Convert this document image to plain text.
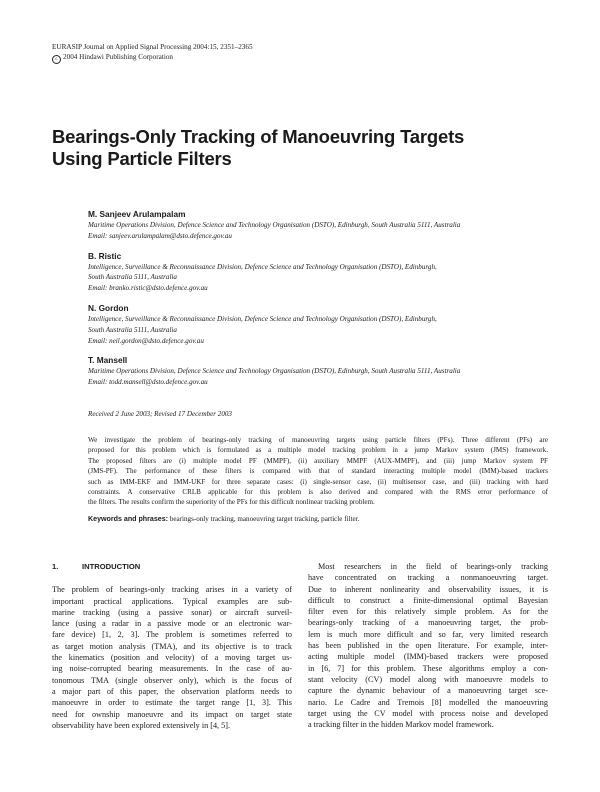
EURASIP Journal on Applied Signal Processing 2004:15, 2351–2365
c 2004 Hindawi Publishing Corporation
Bearings-Only Tracking of Manoeuvring Targets
Using Particle Filters
M. Sanjeev Arulampalam
Maritime Operations Division, Defence Science and Technology Organisation (DSTO), Edinburgh, South Australia 5111, Australia
Email: sanjeev.arulampalam@dsto.defence.gov.au
B. Ristic
Intelligence, Surveillance & Reconnaissance Division, Defence Science and Technology Organisation (DSTO), Edinburgh,
South Australia 5111, Australia
Email: branko.ristic@dsto.defence.gov.au
N. Gordon
Intelligence, Surveillance & Reconnaissance Division, Defence Science and Technology Organisation (DSTO), Edinburgh,
South Australia 5111, Australia
Email: neil.gordon@dsto.defence.gov.au
T. Mansell
Maritime Operations Division, Defence Science and Technology Organisation (DSTO), Edinburgh, South Australia 5111, Australia
Email: todd.mansell@dsto.defence.gov.au
Received 2 June 2003; Revised 17 December 2003
We investigate the problem of bearings-only tracking of manoeuvring targets using particle filters (PFs). Three different (PFs) are
proposed for this problem which is formulated as a multiple model tracking problem in a jump Markov system (JMS) framework.
The proposed filters are (i) multiple model PF (MMPF), (ii) auxiliary MMPF (AUX-MMPF), and (iii) jump Markov system PF
(JMS-PF). The performance of these filters is compared with that of standard interacting multiple model (IMM)-based trackers
such as IMM-EKF and IMM-UKF for three separate cases: (i) single-sensor case, (ii) multisensor case, and (iii) tracking with hard
constraints. A conservative CRLB applicable for this problem is also derived and compared with the RMS error performance of
the filters. The results confirm the superiority of the PFs for this difficult nonlinear tracking problem.
Keywords and phrases: bearings-only tracking, manoeuvring target tracking, particle filter.
1.	INTRODUCTION
The problem of bearings-only tracking arises in a variety of
important practical applications. Typical examples are sub-
marine tracking (using a passive sonar) or aircraft surveil-
lance (using a radar in a passive mode or an electronic war-
fare device) [1, 2, 3]. The problem is sometimes referred to
as target motion analysis (TMA), and its objective is to track
the kinematics (position and velocity) of a moving target us-
ing noise-corrupted bearing measurements. In the case of au-
tonomous TMA (single observer only), which is the focus of
a major part of this paper, the observation platform needs to
manoeuvre in order to estimate the target range [1, 3]. This
need for ownship manoeuvre and its impact on target state
observability have been explored extensively in [4, 5].
Most researchers in the field of bearings-only tracking
have concentrated on tracking a nonmanoeuvring target.
Due to inherent nonlinearity and observability issues, it is
difficult to construct a finite-dimensional optimal Bayesian
filter even for this relatively simple problem. As for the
bearings-only tracking of a manoeuvring target, the prob-
lem is much more difficult and so far, very limited research
has been published in the open literature. For example, inter-
acting multiple model (IMM)-based trackers were proposed
in [6, 7] for this problem. These algorithms employ a con-
stant velocity (CV) model along with manoeuvre models to
capture the dynamic behaviour of a manoeuvring target sce-
nario. Le Cadre and Tremois [8] modelled the manoeuvring
target using the CV model with process noise and developed
a tracking filter in the hidden Markov model framework.
